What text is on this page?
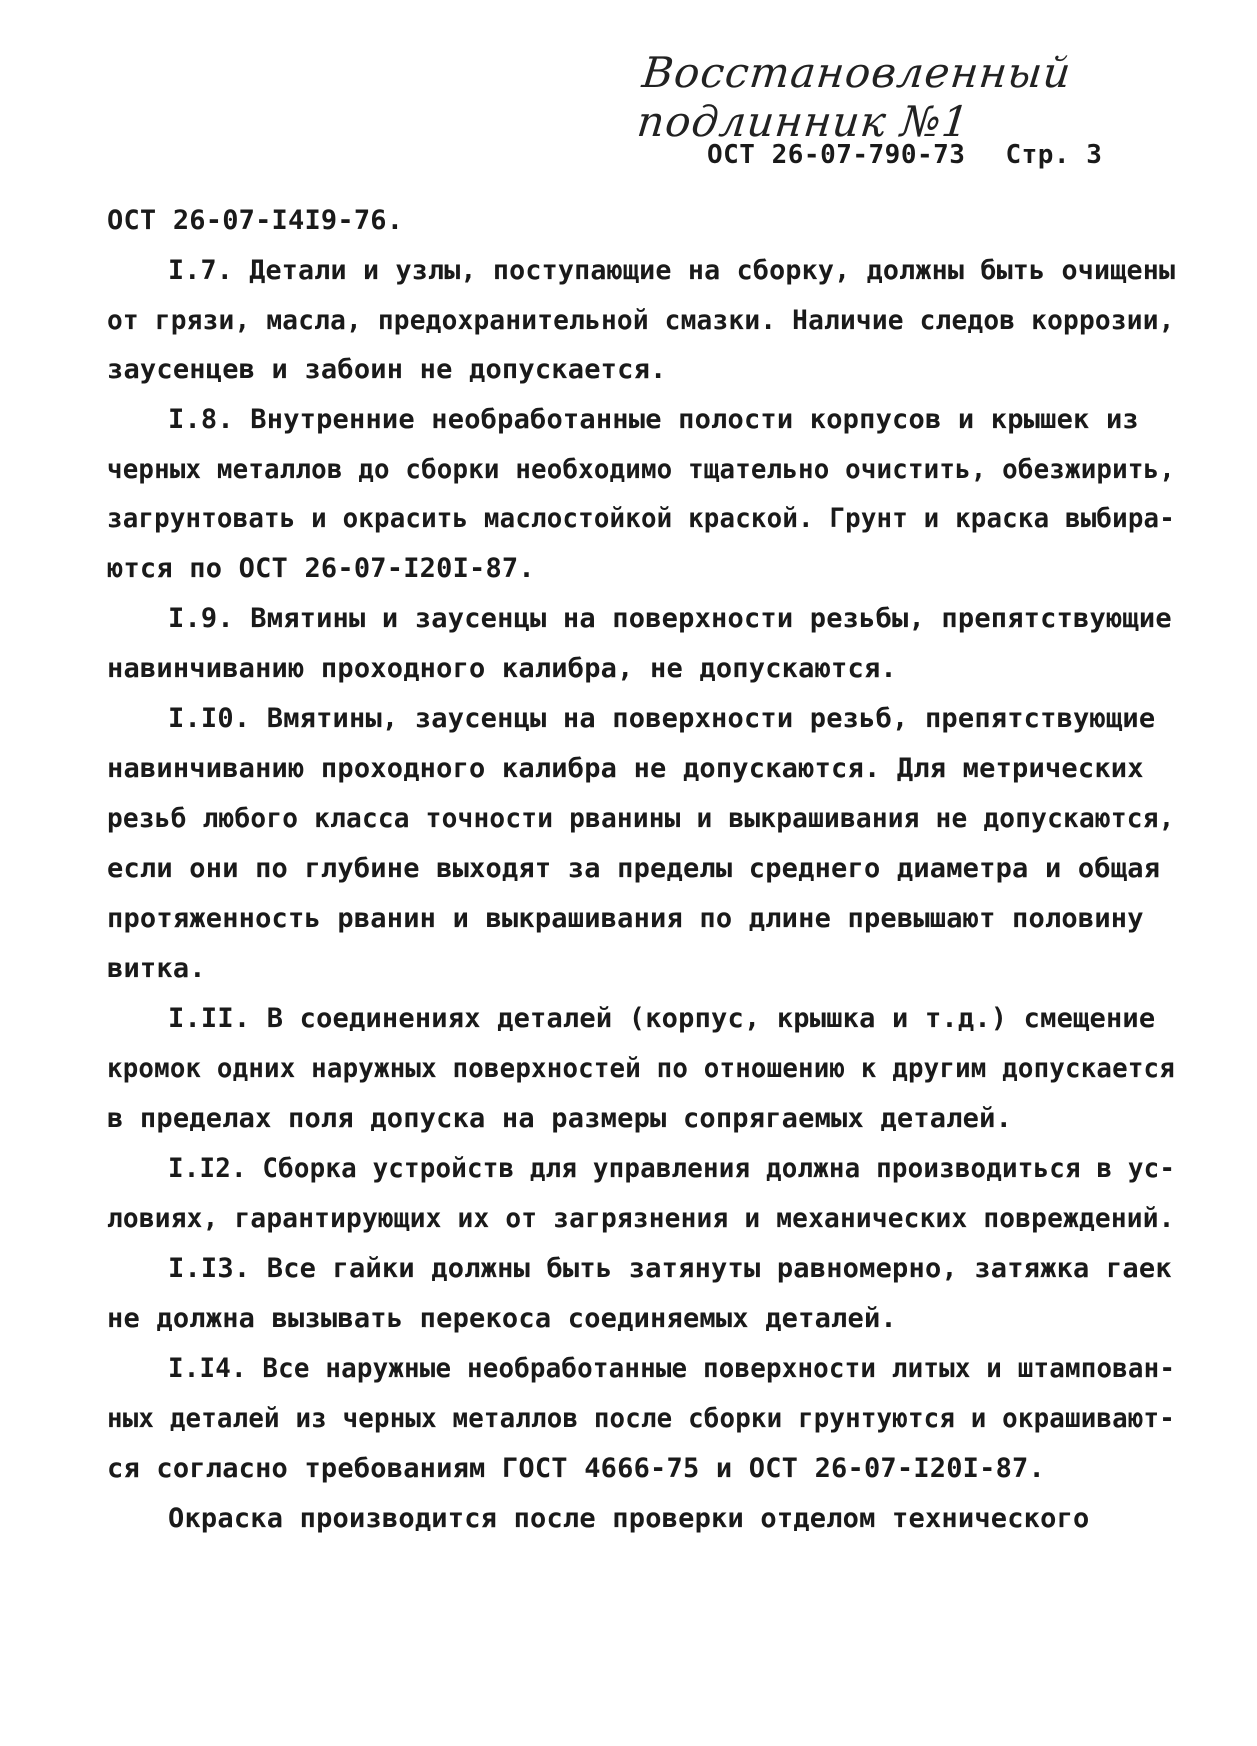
Восстановленный подлинник №1
ОСТ 26-07-790-73 Стр. 3
ОСТ 26-07-I4I9-76.
I.7. Детали и узлы, поступающие на сборку, должны быть очищены
от грязи, масла, предохранительной смазки. Наличие следов коррозии,
заусенцев и забоин не допускается.
I.8. Внутренние необработанные полости корпусов и крышек из
черных металлов до сборки необходимо тщательно очистить, обезжирить,
загрунтовать и окрасить маслостойкой краской. Грунт и краска выбира-
ются по ОСТ 26-07-I20I-87.
I.9. Вмятины и заусенцы на поверхности резьбы, препятствующие
навинчиванию проходного калибра, не допускаются.
I.I0. Вмятины, заусенцы на поверхности резьб, препятствующие
навинчиванию проходного калибра не допускаются. Для метрических
резьб любого класса точности рванины и выкрашивания не допускаются,
если они по глубине выходят за пределы среднего диаметра и общая
протяженность рванин и выкрашивания по длине превышают половину
витка.
I.II. В соединениях деталей (корпус, крышка и т.д.) смещение
кромок одних наружных поверхностей по отношению к другим допускается
в пределах поля допуска на размеры сопрягаемых деталей.
I.I2. Сборка устройств для управления должна производиться в ус-
ловиях, гарантирующих их от загрязнения и механических повреждений.
I.I3. Все гайки должны быть затянуты равномерно, затяжка гаек
не должна вызывать перекоса соединяемых деталей.
I.I4. Все наружные необработанные поверхности литых и штампован-
ных деталей из черных металлов после сборки грунтуются и окрашивают-
ся согласно требованиям ГОСТ 4666-75 и ОСТ 26-07-I20I-87.
Окраска производится после проверки отделом технического
